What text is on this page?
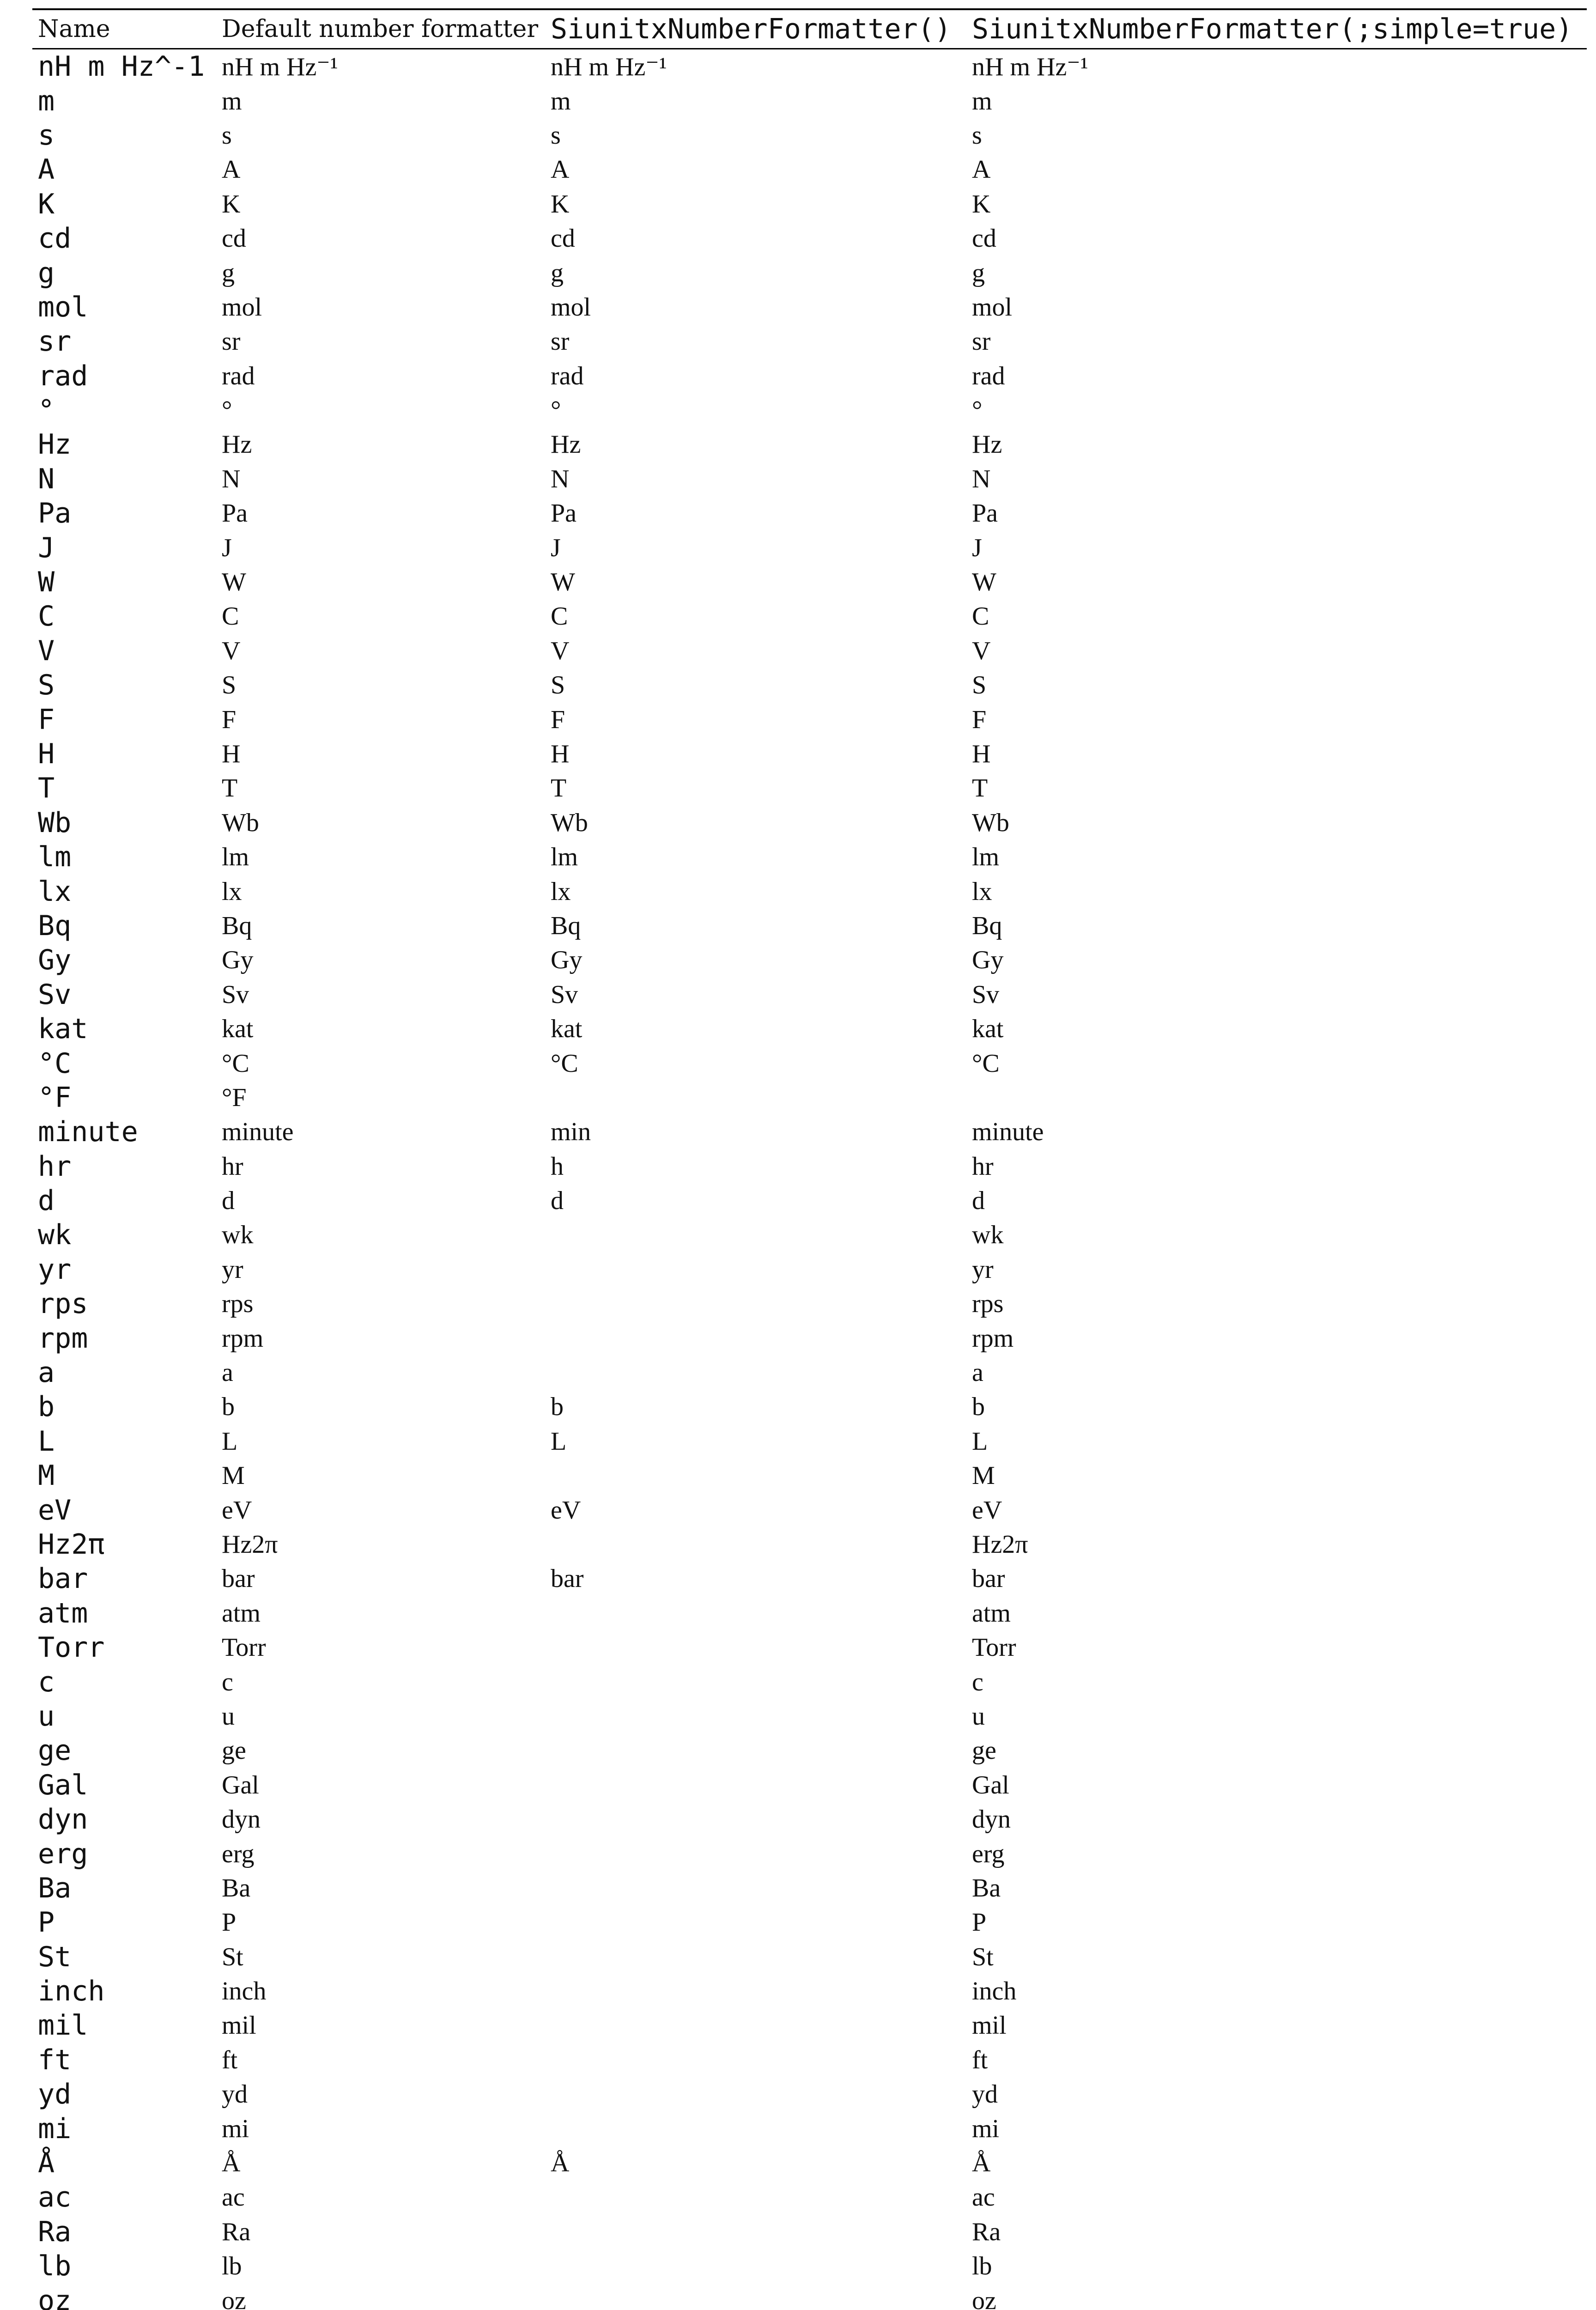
Name	Default number formatter	SiunitxNumberFormatter()	SiunitxNumberFormatter(;simple=true)
nH m Hz^-1	nH m Hz⁻¹	nH m Hz⁻¹	nH m Hz⁻¹
m	m	m	m
s	s	s	s
A	A	A	A
K	K	K	K
cd	cd	cd	cd
g	g	g	g
mol	mol	mol	mol
sr	sr	sr	sr
rad	rad	rad	rad
°	°	°	°
Hz	Hz	Hz	Hz
N	N	N	N
Pa	Pa	Pa	Pa
J	J	J	J
W	W	W	W
C	C	C	C
V	V	V	V
S	S	S	S
F	F	F	F
H	H	H	H
T	T	T	T
Wb	Wb	Wb	Wb
lm	lm	lm	lm
lx	lx	lx	lx
Bq	Bq	Bq	Bq
Gy	Gy	Gy	Gy
Sv	Sv	Sv	Sv
kat	kat	kat	kat
°C	°C	°C	°C
°F	°F		
minute	minute	min	minute
hr	hr	h	hr
d	d	d	d
wk	wk		wk
yr	yr		yr
rps	rps		rps
rpm	rpm		rpm
a	a		a
b	b	b	b
L	L	L	L
M	M		M
eV	eV	eV	eV
Hz2π	Hz2π		Hz2π
bar	bar	bar	bar
atm	atm		atm
Torr	Torr		Torr
c	c		c
u	u		u
ge	ge		ge
Gal	Gal		Gal
dyn	dyn		dyn
erg	erg		erg
Ba	Ba		Ba
P	P		P
St	St		St
inch	inch		inch
mil	mil		mil
ft	ft		ft
yd	yd		yd
mi	mi		mi
Å	Å	Å	Å
ac	ac		ac
Ra	Ra		Ra
lb	lb		lb
oz	oz		oz
